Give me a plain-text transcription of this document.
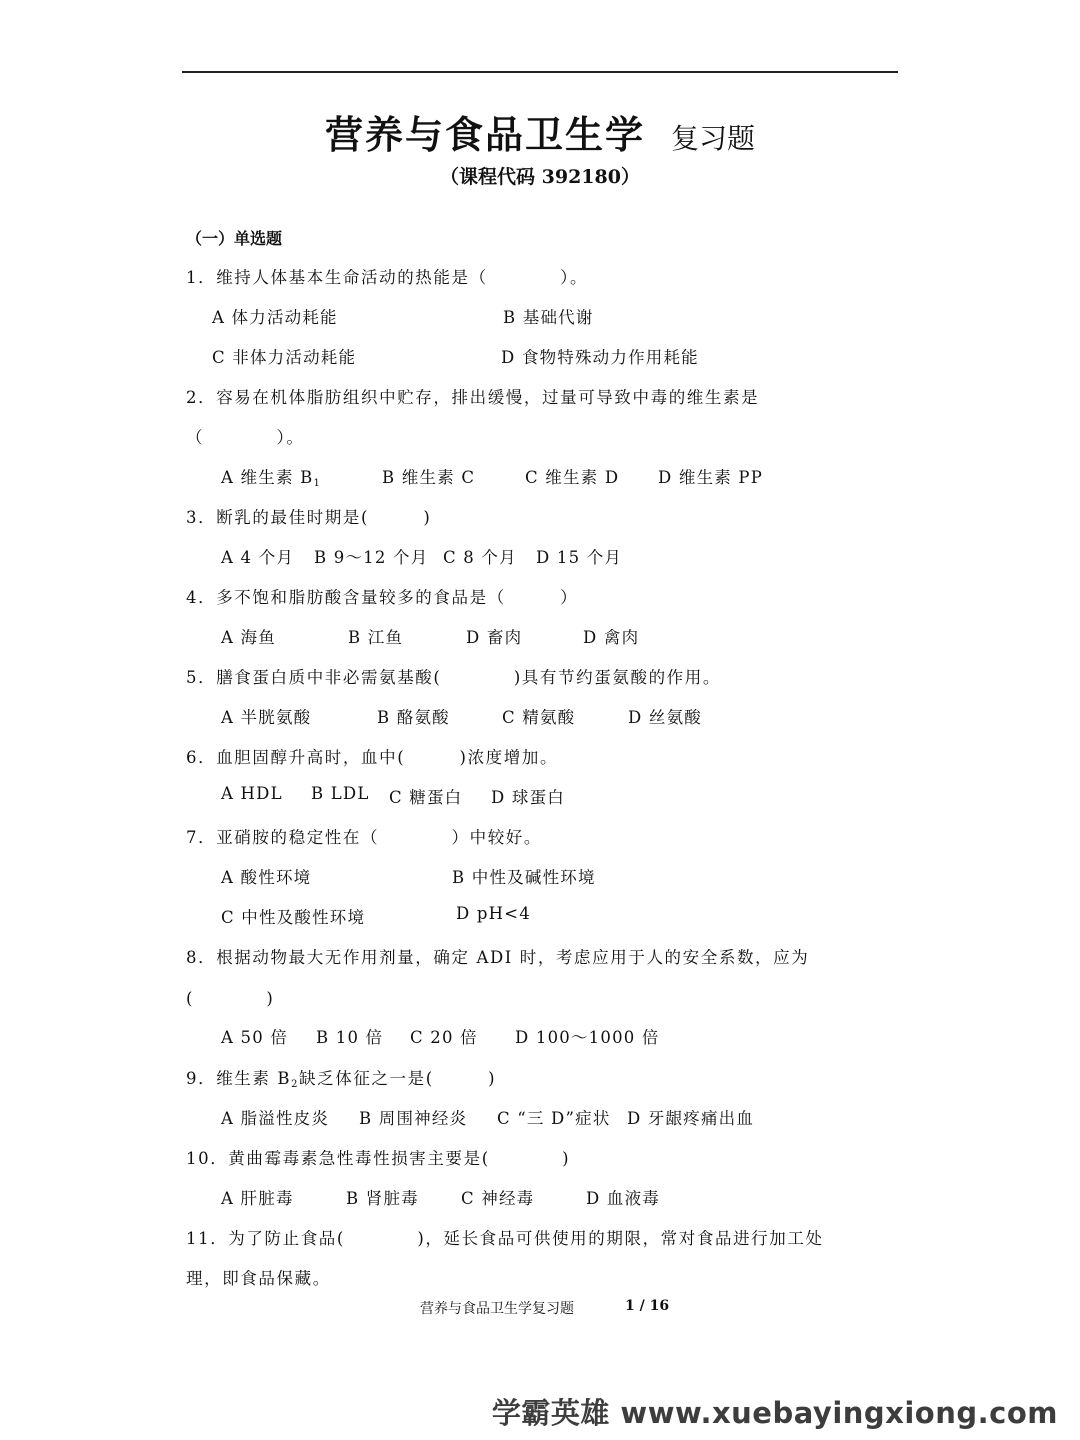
营养与食品卫生学 复习题
（课程代码 392180）
（一）单选题
1．维持人体基本生命活动的热能是（　　　　）。
A 体力活动耗能	B 基础代谢
C 非体力活动耗能	D 食物特殊动力作用耗能
2．容易在机体脂肪组织中贮存，排出缓慢，过量可导致中毒的维生素是
（　　　　）。
A 维生素 $B_1$	B 维生素 C	C 维生素 D D 维生素 PP
3．断乳的最佳时期是(　　　)
A 4 个月 B 9～12 个月 C 8 个月 D 15 个月
4．多不饱和脂肪酸含量较多的食品是（　　　）
A 海鱼	B 江鱼	D 畜肉	D 禽肉
5．膳食蛋白质中非必需氨基酸(　　　　)具有节约蛋氨酸的作用。
A 半胱氨酸	B 酪氨酸	C 精氨酸	D 丝氨酸
6．血胆固醇升高时，血中(　　　)浓度增加。
A HDL B LDL C 糖蛋白 D 球蛋白
7．亚硝胺的稳定性在（　　　　）中较好。
A 酸性环境	B 中性及碱性环境
C 中性及酸性环境	D pH<4
8．根据动物最大无作用剂量，确定 ADI 时，考虑应用于人的安全系数，应为
(　　　　)
A 50 倍 B 10 倍 C 20 倍 D 100～1000 倍
9．维生素 $B_2$缺乏体征之一是(　　　)
A 脂溢性皮炎 B 周围神经炎 C “三 D”症状 D 牙龈疼痛出血
10．黄曲霉毒素急性毒性损害主要是(　　　　)
A 肝脏毒	B 肾脏毒	C 神经毒	D 血液毒
11．为了防止食品(　　　　)，延长食品可供使用的期限，常对食品进行加工处
理，即食品保藏。
营养与食品卫生学复习题	1 / 16
学霸英雄 www.xuebayingxiong.com
